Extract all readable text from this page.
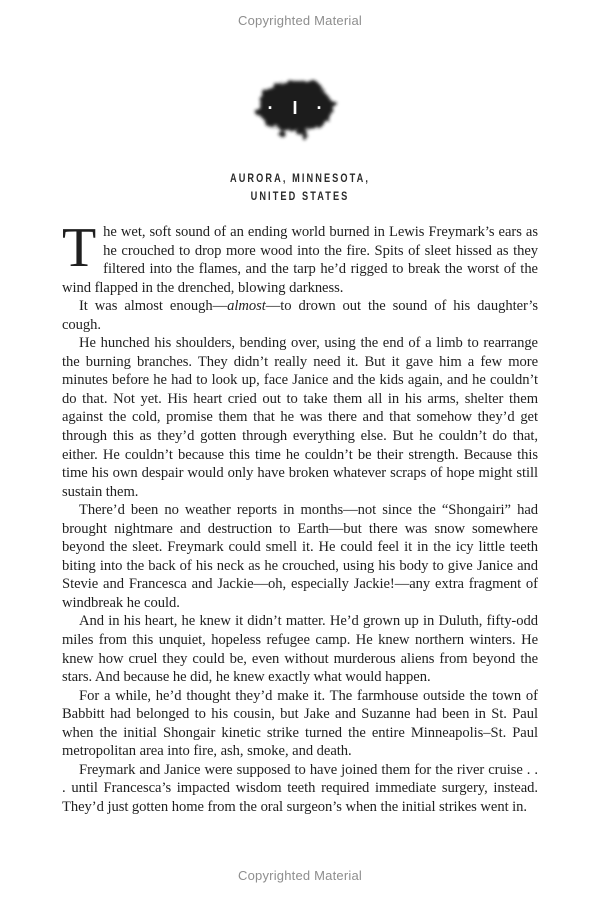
Copyrighted Material
· I ·
AURORA, MINNESOTA,
UNITED STATES

The wet, soft sound of an ending world burned in Lewis Freymark’s ears as he crouched to drop more wood into the fire. Spits of sleet hissed as they filtered into the flames, and the tarp he’d rigged to break the worst of the wind flapped in the drenched, blowing darkness.

It was almost enough—almost—to drown out the sound of his daughter’s cough.

He hunched his shoulders, bending over, using the end of a limb to rearrange the burning branches. They didn’t really need it. But it gave him a few more minutes before he had to look up, face Janice and the kids again, and he couldn’t do that. Not yet. His heart cried out to take them all in his arms, shelter them against the cold, promise them that he was there and that somehow they’d get through this as they’d gotten through everything else. But he couldn’t do that, either. He couldn’t because this time he couldn’t be their strength. Because this time his own despair would only have broken whatever scraps of hope might still sustain them.

There’d been no weather reports in months—not since the “Shongairi” had brought nightmare and destruction to Earth—but there was snow somewhere beyond the sleet. Freymark could smell it. He could feel it in the icy little teeth biting into the back of his neck as he crouched, using his body to give Janice and Stevie and Francesca and Jackie—oh, especially Jackie!—any extra fragment of windbreak he could.

And in his heart, he knew it didn’t matter. He’d grown up in Duluth, fifty-odd miles from this unquiet, hopeless refugee camp. He knew northern winters. He knew how cruel they could be, even without murderous aliens from beyond the stars. And because he did, he knew exactly what would happen.

For a while, he’d thought they’d make it. The farmhouse outside the town of Babbitt had belonged to his cousin, but Jake and Suzanne had been in St. Paul when the initial Shongair kinetic strike turned the entire Minneapolis–St. Paul metropolitan area into fire, ash, smoke, and death.

Freymark and Janice were supposed to have joined them for the river cruise . . . until Francesca’s impacted wisdom teeth required immediate surgery, instead. They’d just gotten home from the oral surgeon’s when the initial strikes went in.

Copyrighted Material
